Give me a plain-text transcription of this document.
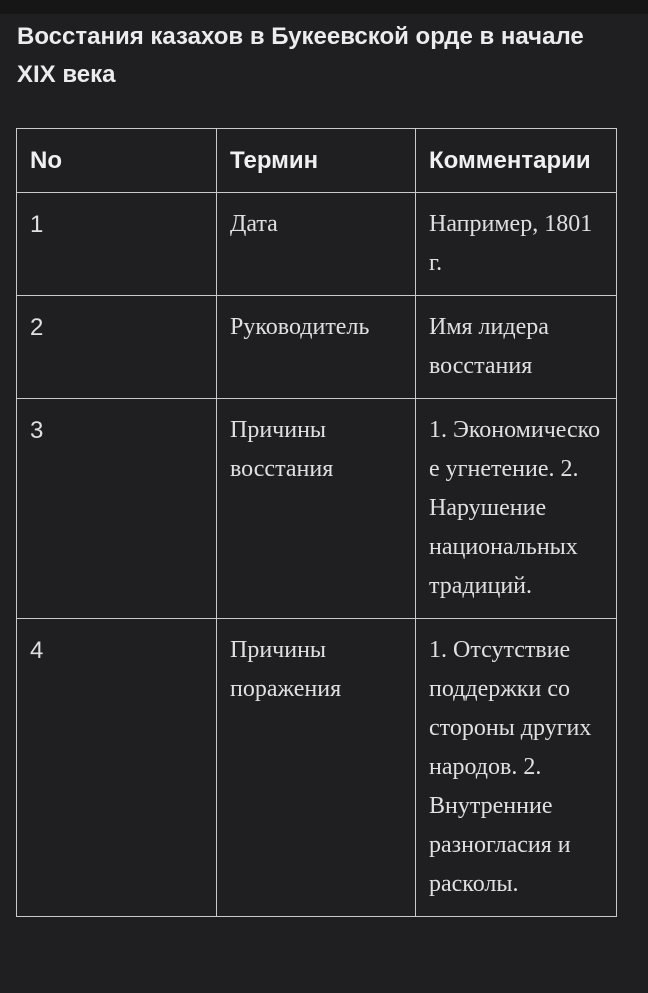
Восстания казахов в Букеевской орде в начале XIX века
No	Термин	Комментарии
1	Дата	Например, 1801 г.
2	Руководитель	Имя лидера восстания
3	Причины восстания	1. Экономическо е угнетение. 2. Нарушение национальных традиций.
4	Причины поражения	1. Отсутствие поддержки со стороны других народов. 2. Внутренние разногласия и расколы.
